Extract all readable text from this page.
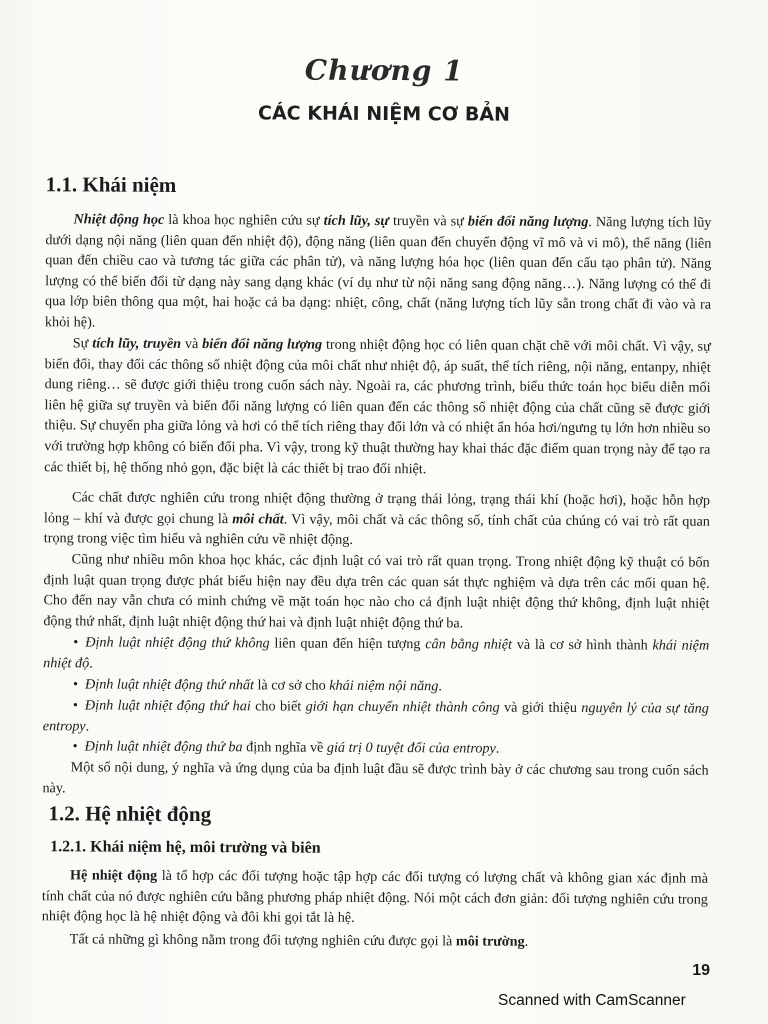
Chương 1
CÁC KHÁI NIỆM CƠ BẢN
1.1. Khái niệm

Nhiệt động học là khoa học nghiên cứu sự tích lũy, sự truyền và sự biến đổi năng lượng. Năng lượng tích lũy dưới dạng nội năng (liên quan đến nhiệt độ), động năng (liên quan đến chuyển động vĩ mô và vi mô), thế năng (liên quan đến chiều cao và tương tác giữa các phân tử), và năng lượng hóa học (liên quan đến cấu tạo phân tử). Năng lượng có thể biến đổi từ dạng này sang dạng khác (ví dụ như từ nội năng sang động năng…). Năng lượng có thể đi qua lớp biên thông qua một, hai hoặc cả ba dạng: nhiệt, công, chất (năng lượng tích lũy sẵn trong chất đi vào và ra khỏi hệ).

Sự tích lũy, truyền và biến đổi năng lượng trong nhiệt động học có liên quan chặt chẽ với môi chất. Vì vậy, sự biến đổi, thay đổi các thông số nhiệt động của môi chất như nhiệt độ, áp suất, thể tích riêng, nội năng, entanpy, nhiệt dung riêng… sẽ được giới thiệu trong cuốn sách này. Ngoài ra, các phương trình, biểu thức toán học biểu diễn mối liên hệ giữa sự truyền và biến đổi năng lượng có liên quan đến các thông số nhiệt động của chất cũng sẽ được giới thiệu. Sự chuyển pha giữa lỏng và hơi có thể tích riêng thay đổi lớn và có nhiệt ẩn hóa hơi/ngưng tụ lớn hơn nhiều so với trường hợp không có biến đổi pha. Vì vậy, trong kỹ thuật thường hay khai thác đặc điểm quan trọng này để tạo ra các thiết bị, hệ thống nhỏ gọn, đặc biệt là các thiết bị trao đổi nhiệt.

Các chất được nghiên cứu trong nhiệt động thường ở trạng thái lỏng, trạng thái khí (hoặc hơi), hoặc hỗn hợp lỏng – khí và được gọi chung là môi chất. Vì vậy, môi chất và các thông số, tính chất của chúng có vai trò rất quan trọng trong việc tìm hiểu và nghiên cứu về nhiệt động.

Cũng như nhiều môn khoa học khác, các định luật có vai trò rất quan trọng. Trong nhiệt động kỹ thuật có bốn định luật quan trọng được phát biểu hiện nay đều dựa trên các quan sát thực nghiệm và dựa trên các mối quan hệ. Cho đến nay vẫn chưa có minh chứng về mặt toán học nào cho cả định luật nhiệt động thứ không, định luật nhiệt động thứ nhất, định luật nhiệt động thứ hai và định luật nhiệt động thứ ba.

• Định luật nhiệt động thứ không liên quan đến hiện tượng cân bằng nhiệt và là cơ sở hình thành khái niệm nhiệt độ.

• Định luật nhiệt động thứ nhất là cơ sở cho khái niệm nội năng.

• Định luật nhiệt động thứ hai cho biết giới hạn chuyển nhiệt thành công và giới thiệu nguyên lý của sự tăng entropy.

• Định luật nhiệt động thứ ba định nghĩa về giá trị 0 tuyệt đối của entropy.

Một số nội dung, ý nghĩa và ứng dụng của ba định luật đầu sẽ được trình bày ở các chương sau trong cuốn sách này.

1.2. Hệ nhiệt động
1.2.1. Khái niệm hệ, môi trường và biên

Hệ nhiệt động là tổ hợp các đối tượng hoặc tập hợp các đối tượng có lượng chất và không gian xác định mà tính chất của nó được nghiên cứu bằng phương pháp nhiệt động. Nói một cách đơn giản: đối tượng nghiên cứu trong nhiệt động học là hệ nhiệt động và đôi khi gọi tắt là hệ.

Tất cả những gì không nằm trong đối tượng nghiên cứu được gọi là môi trường.

19
Scanned with CamScanner
